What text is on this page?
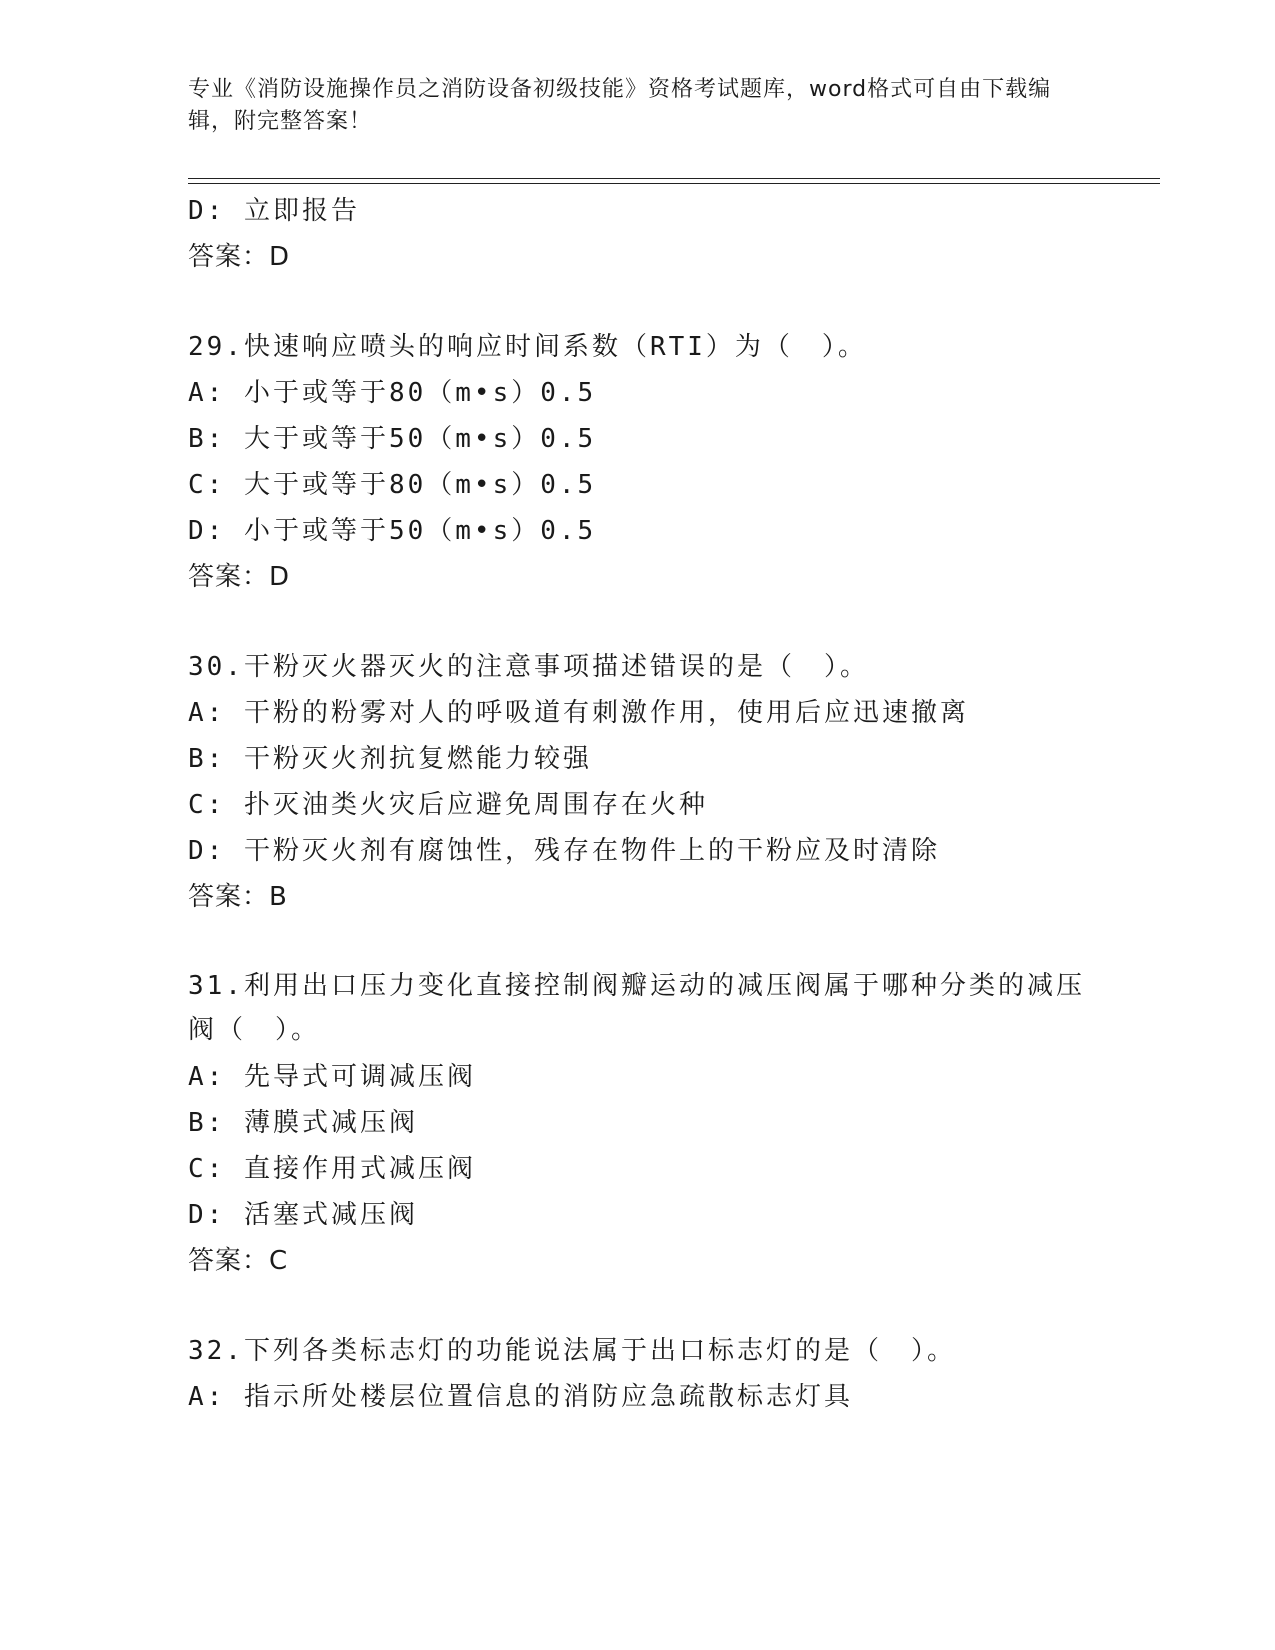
专业《消防设施操作员之消防设备初级技能》资格考试题库，word格式可自由下载编辑，附完整答案！
D: 立即报告
答案：D
29.快速响应喷头的响应时间系数（RTI）为（　）。
A: 小于或等于80（m•s）0.5
B: 大于或等于50（m•s）0.5
C: 大于或等于80（m•s）0.5
D: 小于或等于50（m•s）0.5
答案：D
30.干粉灭火器灭火的注意事项描述错误的是（　）。
A: 干粉的粉雾对人的呼吸道有刺激作用，使用后应迅速撤离
B: 干粉灭火剂抗复燃能力较强
C: 扑灭油类火灾后应避免周围存在火种
D: 干粉灭火剂有腐蚀性，残存在物件上的干粉应及时清除
答案：B
31.利用出口压力变化直接控制阀瓣运动的减压阀属于哪种分类的减压阀（　）。
A: 先导式可调减压阀
B: 薄膜式减压阀
C: 直接作用式减压阀
D: 活塞式减压阀
答案：C
32.下列各类标志灯的功能说法属于出口标志灯的是（　）。
A: 指示所处楼层位置信息的消防应急疏散标志灯具
